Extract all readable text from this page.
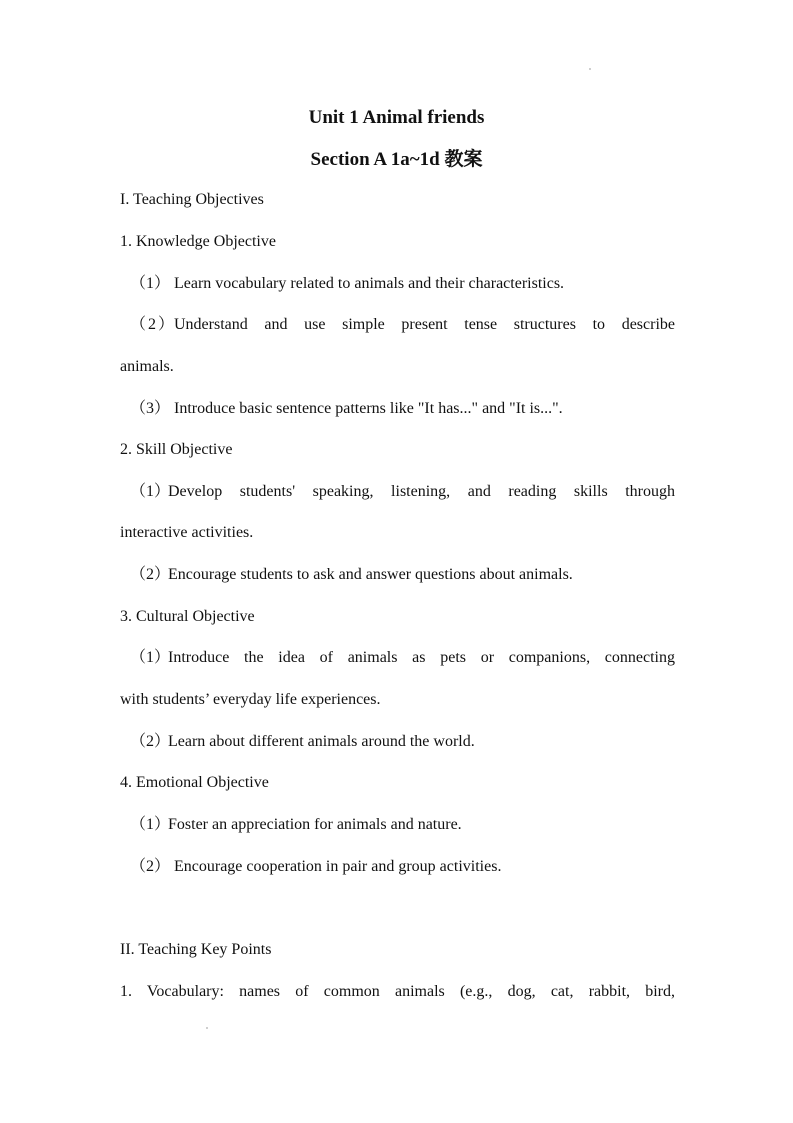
Unit 1 Animal friends
Section A 1a~1d 教案
I. Teaching Objectives
1. Knowledge Objective
（1） Learn vocabulary related to animals and their characteristics.
（2）Understand and use simple present tense structures to describe
animals.
（3） Introduce basic sentence patterns like "It has..." and "It is...".
2. Skill Objective
（1）Develop students' speaking, listening, and reading skills through
interactive activities.
（2）Encourage students to ask and answer questions about animals.
3. Cultural Objective
（1）Introduce the idea of animals as pets or companions, connecting
with students’ everyday life experiences.
（2）Learn about different animals around the world.
4. Emotional Objective
（1）Foster an appreciation for animals and nature.
（2） Encourage cooperation in pair and group activities.
II. Teaching Key Points
1. Vocabulary: names of common animals (e.g., dog, cat, rabbit, bird,
